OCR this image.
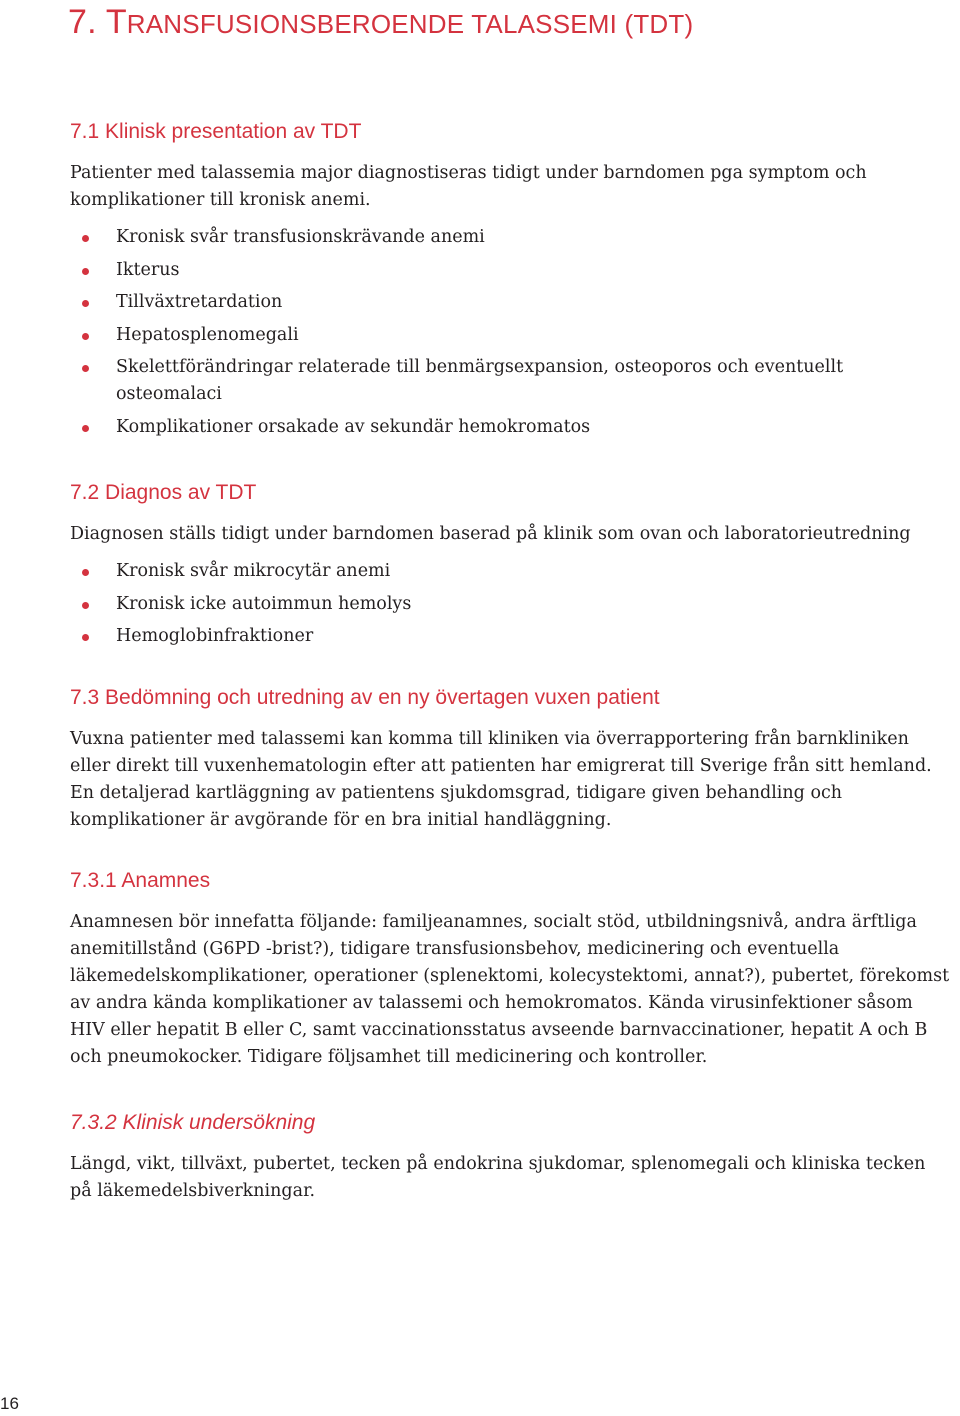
7. TRANSFUSIONSBEROENDE TALASSEMI (TDT)
7.1 Klinisk presentation av TDT

Patienter med talassemia major diagnostiseras tidigt under barndomen pga symptom och komplikationer till kronisk anemi.

Kronisk svår transfusionskrävande anemi
Ikterus
Tillväxtretardation
Hepatosplenomegali
Skelettförändringar relaterade till benmärgsexpansion, osteoporos och eventuellt osteomalaci
Komplikationer orsakade av sekundär hemokromatos
7.2 Diagnos av TDT

Diagnosen ställs tidigt under barndomen baserad på klinik som ovan och laboratorieutredning

Kronisk svår mikrocytär anemi
Kronisk icke autoimmun hemolys
Hemoglobinfraktioner
7.3 Bedömning och utredning av en ny övertagen vuxen patient

Vuxna patienter med talassemi kan komma till kliniken via överrapportering från barnkliniken eller direkt till vuxenhematologin efter att patienten har emigrerat till Sverige från sitt hemland. En detaljerad kartläggning av patientens sjukdomsgrad, tidigare given behandling och komplikationer är avgörande för en bra initial handläggning.

7.3.1 Anamnes

Anamnesen bör innefatta följande: familjeanamnes, socialt stöd, utbildningsnivå, andra ärftliga anemitillstånd (G6PD -brist?), tidigare transfusionsbehov, medicinering och eventuella läkemedelskomplikationer, operationer (splenektomi, kolecystektomi, annat?), pubertet, förekomst av andra kända komplikationer av talassemi och hemokromatos. Kända virusinfektioner såsom HIV eller hepatit B eller C, samt vaccinationsstatus avseende barnvaccinationer, hepatit A och B och pneumokocker. Tidigare följsamhet till medicinering och kontroller.

7.3.2 Klinisk undersökning

Längd, vikt, tillväxt, pubertet, tecken på endokrina sjukdomar, splenomegali och kliniska tecken på läkemedelsbiverkningar.

16
